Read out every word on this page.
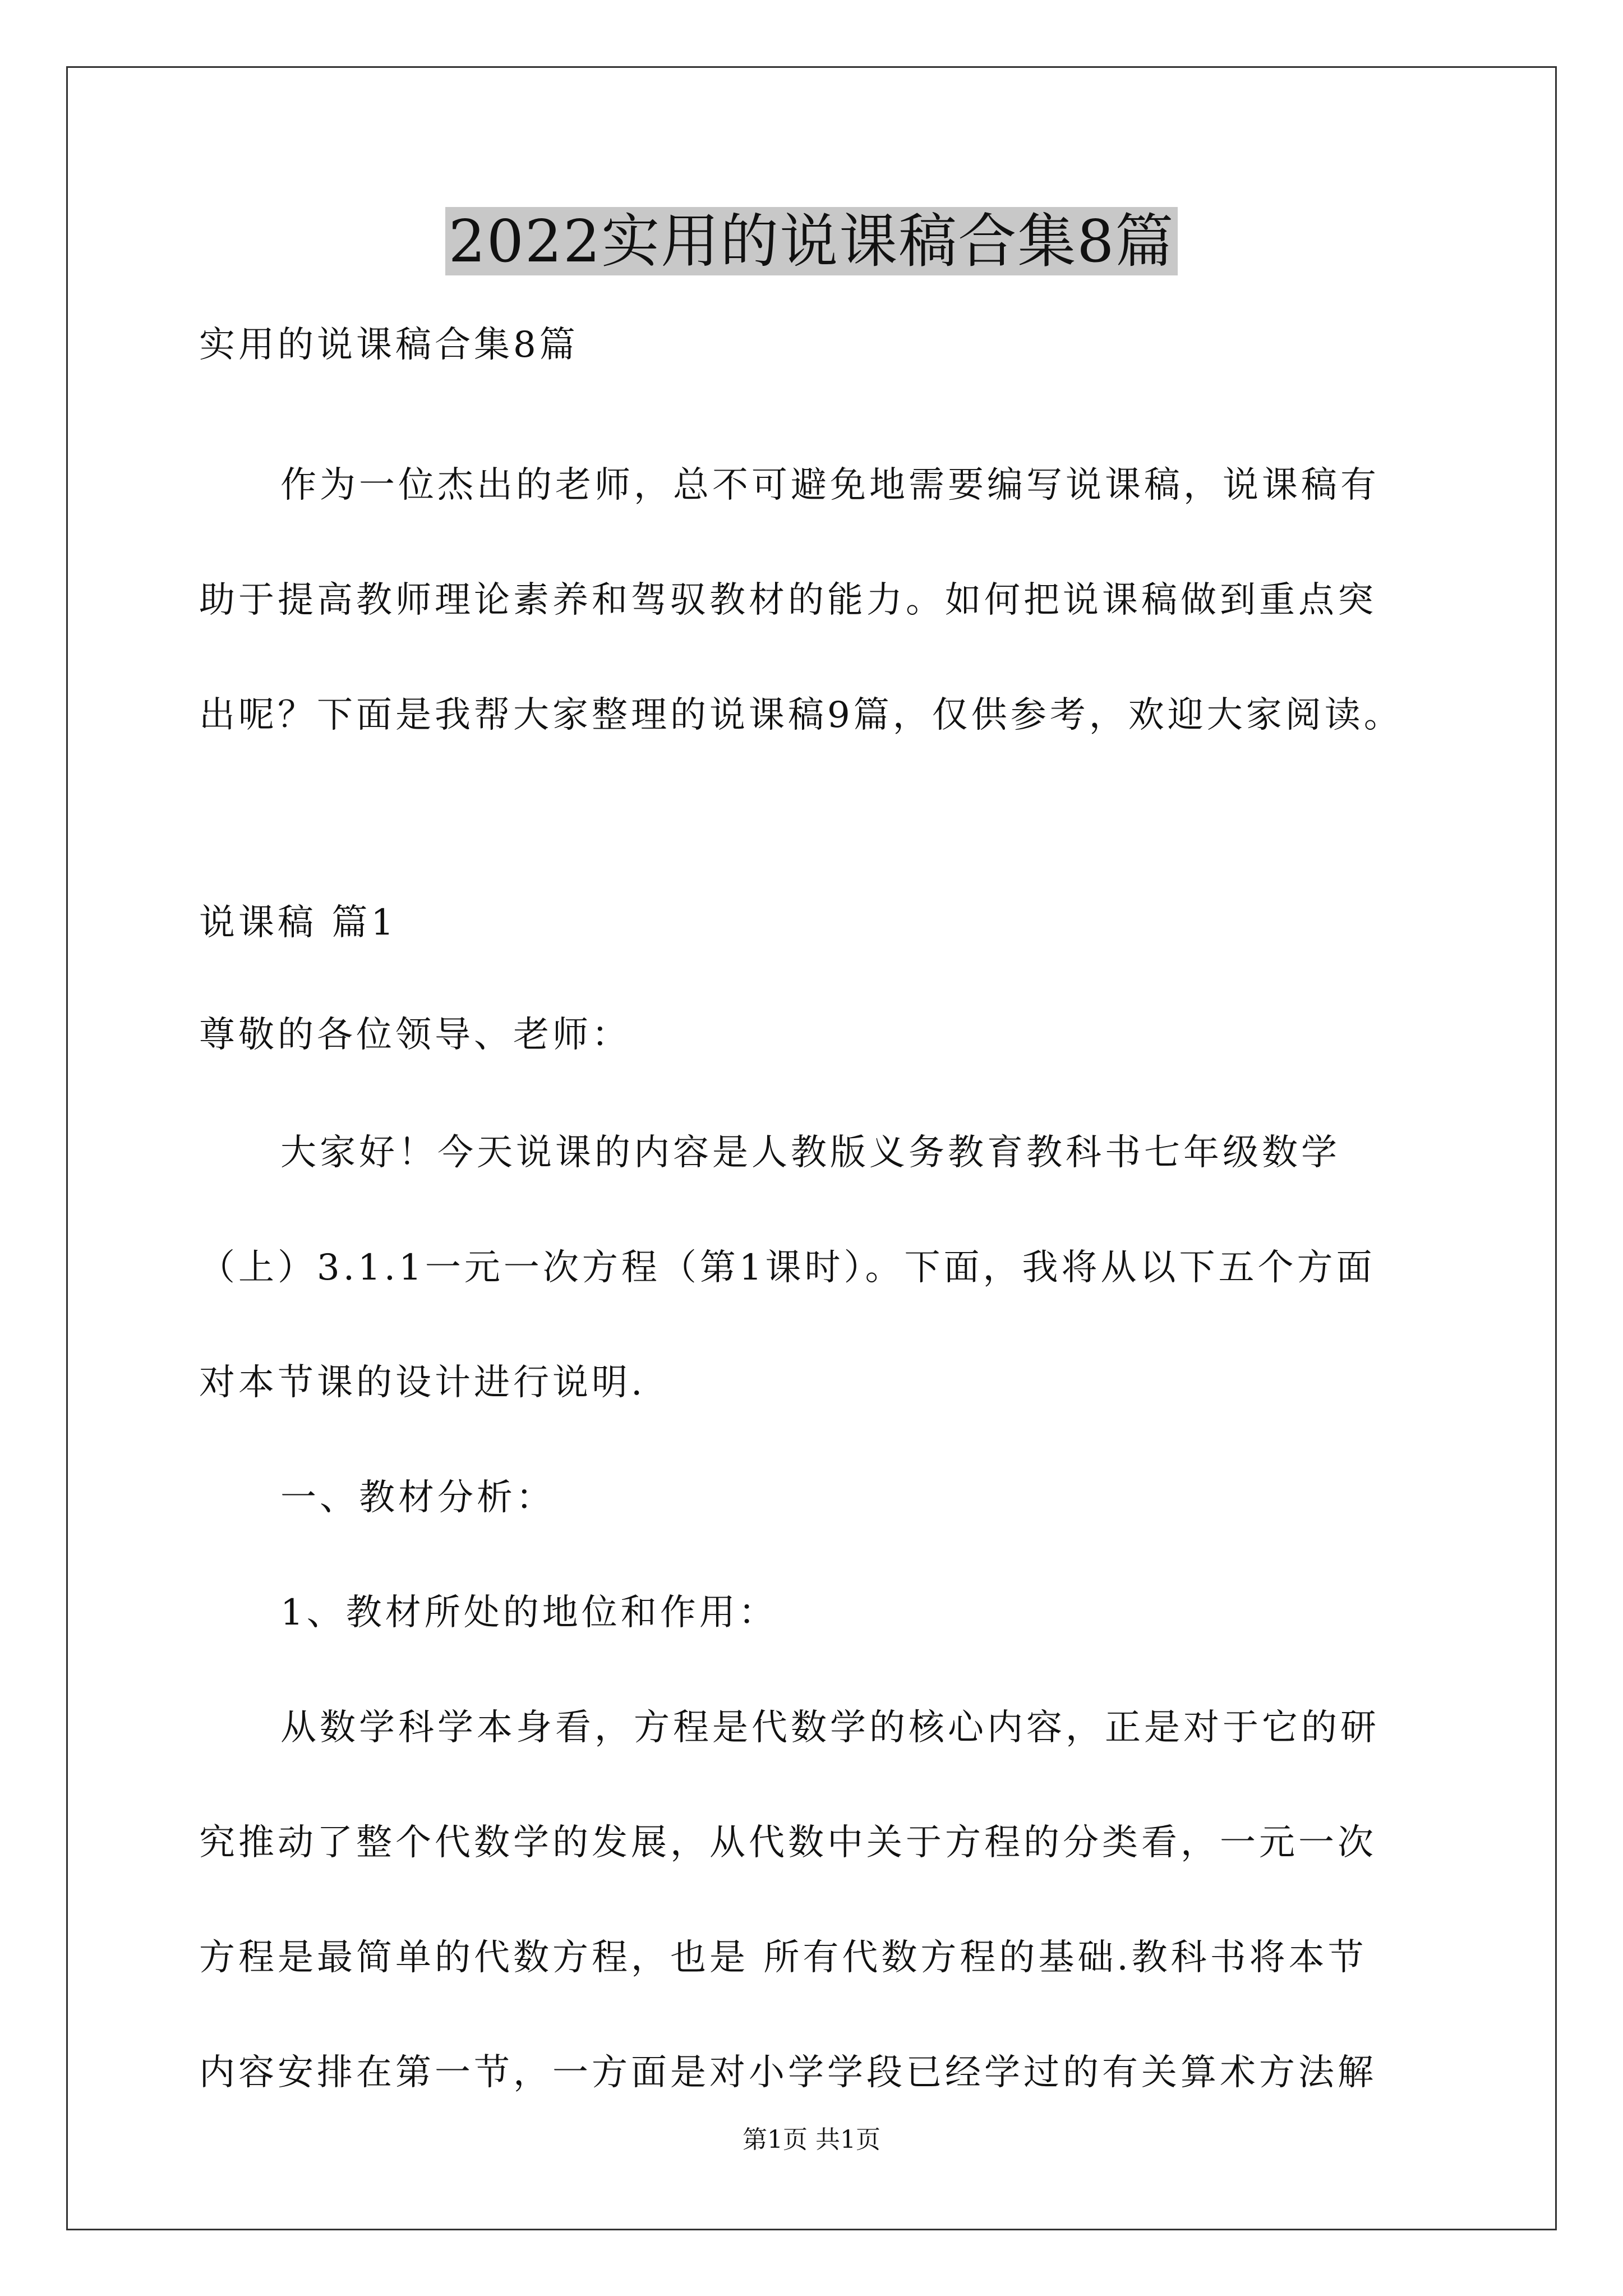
2022实用的说课稿合集8篇
实用的说课稿合集8篇
作为一位杰出的老师，总不可避免地需要编写说课稿，说课稿有
助于提高教师理论素养和驾驭教材的能力。如何把说课稿做到重点突
出呢？下面是我帮大家整理的说课稿9篇，仅供参考，欢迎大家阅读。
说课稿 篇1
尊敬的各位领导、老师：
大家好！今天说课的内容是人教版义务教育教科书七年级数学
（上）3.1.1一元一次方程（第1课时）。下面，我将从以下五个方面
对本节课的设计进行说明.
一、教材分析：
1、教材所处的地位和作用：
从数学科学本身看，方程是代数学的核心内容，正是对于它的研
究推动了整个代数学的发展，从代数中关于方程的分类看，一元一次
方程是最简单的代数方程，也是 所有代数方程的基础.教科书将本节
内容安排在第一节，一方面是对小学学段已经学过的有关算术方法解
第1页 共1页
